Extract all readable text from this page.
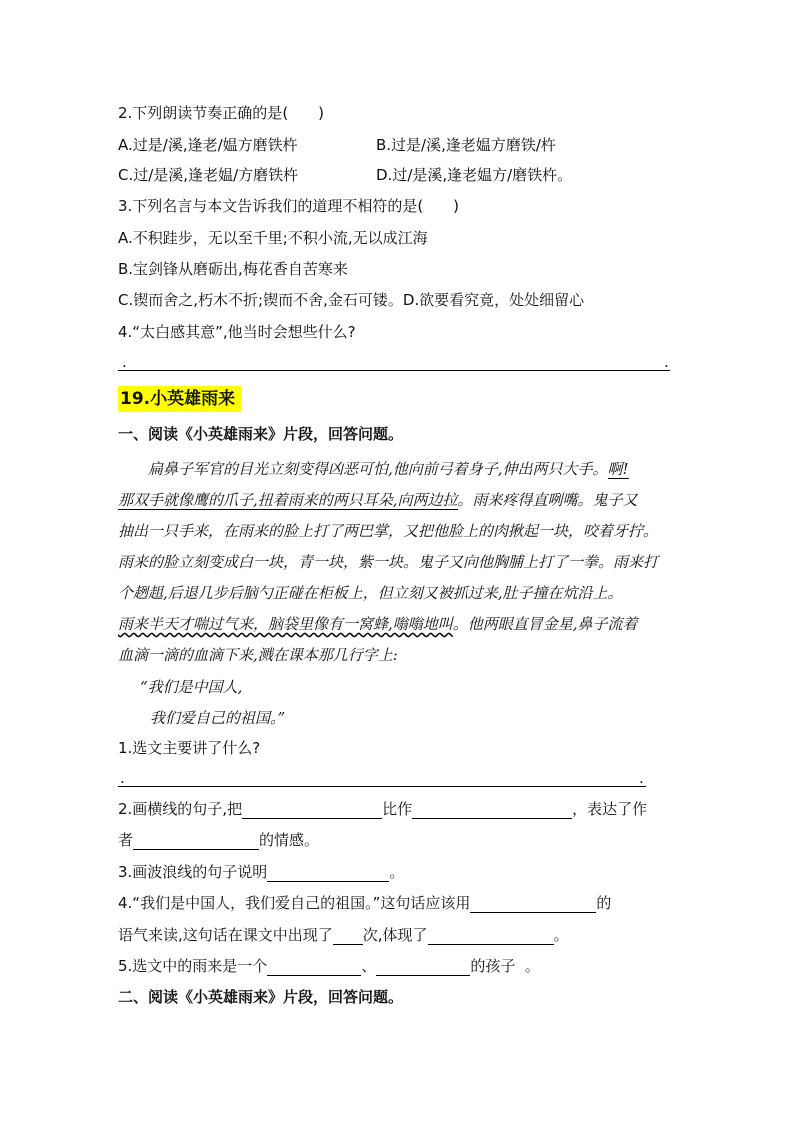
2.下列朗读节奏正确的是(　　)
A.过是/溪,逢老/媪方磨铁杵	B.过是/溪,逢老媪方磨铁/杵
C.过/是溪,逢老媪/方磨铁杵	D.过/是溪,逢老媪方/磨铁杵。
3.下列名言与本文告诉我们的道理不相符的是(　　)
A.不积跬步，无以至千里;不积小流,无以成江海
B.宝剑锋从磨砺出,梅花香自苦寒来
C.锲而舍之,朽木不折;锲而不舍,金石可镂。D.欲要看究竟，处处细留心
4.“太白感其意”,他当时会想些什么?
.	.
19.小英雄雨来
一、阅读《小英雄雨来》片段，回答问题。
扁鼻子军官的目光立刻变得凶恶可怕,他向前弓着身子,伸出两只大手。啊!
那双手就像鹰的爪子,扭着雨来的两只耳朵,向两边拉。雨来疼得直咧嘴。鬼子又
抽出一只手来，在雨来的脸上打了两巴掌，又把他脸上的肉揪起一块，咬着牙拧。
雨来的脸立刻变成白一块，青一块，紫一块。鬼子又向他胸脯上打了一拳。雨来打
个趔趄,后退几步后脑勺正碰在柜板上，但立刻又被抓过来,肚子撞在炕沿上。
雨来半天才喘过气来，脑袋里像有一窝蜂,嗡嗡地叫。他两眼直冒金星,鼻子流着
血滴一滴的血滴下来,溅在课本那几行字上:
“我们是中国人,
我们爱自己的祖国。”
1.选文主要讲了什么?
.	.
2.画横线的句子,把	比作	，表达了作
者	的情感。
3.画波浪线的句子说明	。
4.“我们是中国人，我们爱自己的祖国。”这句话应该用	的
语气来读,这句话在课文中出现了 次,体现了	。
5.选文中的雨来是一个	、	的孩子  。
二、阅读《小英雄雨来》片段，回答问题。
